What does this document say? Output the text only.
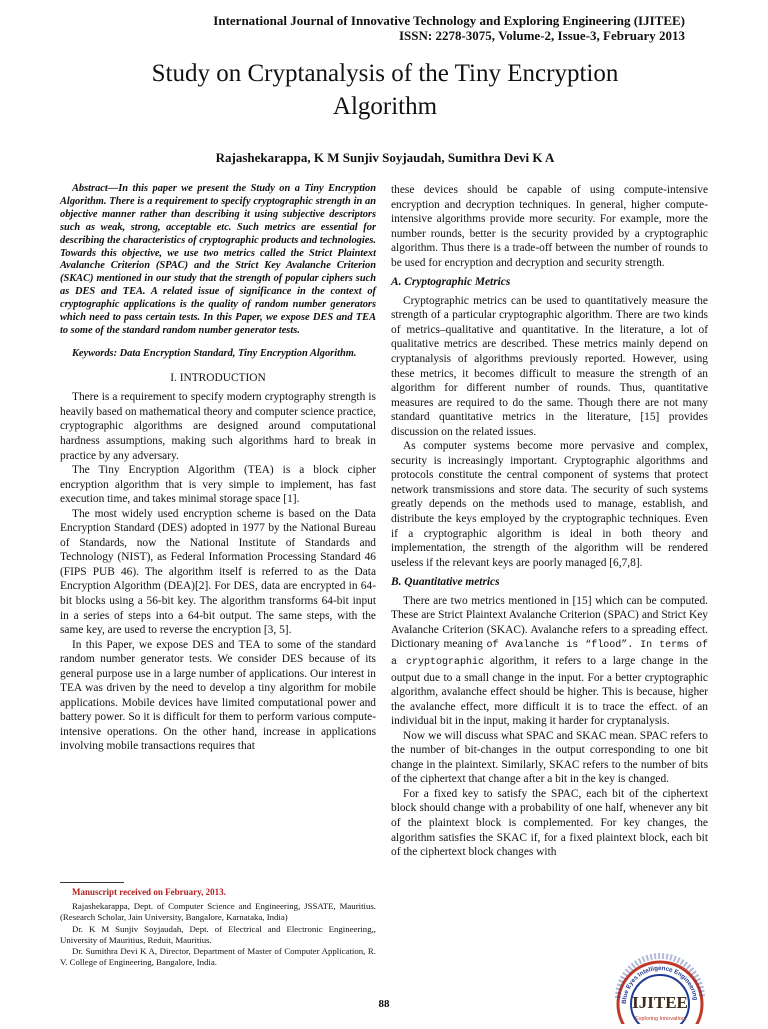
International Journal of Innovative Technology and Exploring Engineering (IJITEE)
ISSN: 2278-3075, Volume-2, Issue-3, February 2013
Study on Cryptanalysis of the Tiny Encryption
Algorithm
Rajashekarappa, K M Sunjiv Soyjaudah, Sumithra Devi K A

Abstract—In this paper we present the Study on a Tiny Encryption Algorithm. There is a requirement to specify cryptographic strength in an objective manner rather than describing it using subjective descriptors such as weak, strong, acceptable etc. Such metrics are essential for describing the characteristics of cryptographic products and technologies. Towards this objective, we use two metrics called the Strict Plaintext Avalanche Criterion (SPAC) and the Strict Key Avalanche Criterion (SKAC) mentioned in our study that the strength of popular ciphers such as DES and TEA. A related issue of significance in the context of cryptographic applications is the quality of random number generators which need to pass certain tests. In this Paper, we expose DES and TEA to some of the standard random number generator tests.

Keywords: Data Encryption Standard, Tiny Encryption Algorithm.

I. INTRODUCTION

There is a requirement to specify modern cryptography strength is heavily based on mathematical theory and computer science practice, cryptographic algorithms are designed around computational hardness assumptions, making such algorithms hard to break in practice by any adversary.

The Tiny Encryption Algorithm (TEA) is a block cipher encryption algorithm that is very simple to implement, has fast execution time, and takes minimal storage space [1].

The most widely used encryption scheme is based on the Data Encryption Standard (DES) adopted in 1977 by the National Bureau of Standards, now the National Institute of Standards and Technology (NIST), as Federal Information Processing Standard 46 (FIPS PUB 46). The algorithm itself is referred to as the Data Encryption Algorithm (DEA)[2]. For DES, data are encrypted in 64-bit blocks using a 56-bit key. The algorithm transforms 64-bit input in a series of steps into a 64-bit output. The same steps, with the same key, are used to reverse the encryption [3, 5].

In this Paper, we expose DES and TEA to some of the standard random number generator tests. We consider DES because of its general purpose use in a large number of applications. Our interest in TEA was driven by the need to develop a tiny algorithm for mobile applications. Mobile devices have limited computational power and battery power. So it is difficult for them to perform various compute-intensive operations. On the other hand, increase in applications involving mobile transactions requires that

Manuscript received on February, 2013.
Rajashekarappa, Dept. of Computer Science and Engineering, JSSATE, Mauritius. (Research Scholar, Jain University, Bangalore, Karnataka, India)
Dr. K M Sunjiv Soyjaudah, Dept. of Electrical and Electronic Engineering,, University of Mauritius, Reduit, Mauritius.
Dr. Sumithra Devi K A, Director, Department of Master of Computer Application, R. V. College of Engineering, Bangalore, India.

these devices should be capable of using compute-intensive encryption and decryption techniques. In general, higher compute-intensive algorithms provide more security. For example, more the number rounds, better is the security provided by a cryptographic algorithm. Thus there is a trade-off between the number of rounds to be used for encryption and decryption and security strength.

A. Cryptographic Metrics

Cryptographic metrics can be used to quantitatively measure the strength of a particular cryptographic algorithm. There are two kinds of metrics–qualitative and quantitative. In the literature, a lot of qualitative metrics are described. These metrics mainly depend on cryptanalysis of algorithms previously reported. However, using these metrics, it becomes difficult to measure the strength of an algorithm for different number of rounds. Thus, quantitative measures are required to do the same. Though there are not many standard quantitative metrics in the literature, [15] provides discussion on the related issues.

As computer systems become more pervasive and complex, security is increasingly important. Cryptographic algorithms and protocols constitute the central component of systems that protect network transmissions and store data. The security of such systems greatly depends on the methods used to manage, establish, and distribute the keys employed by the cryptographic techniques. Even if a cryptographic algorithm is ideal in both theory and implementation, the strength of the algorithm will be rendered useless if the relevant keys are poorly managed [6,7,8].

B. Quantitative metrics

There are two metrics mentioned in [15] which can be computed. These are Strict Plaintext Avalanche Criterion (SPAC) and Strict Key Avalanche Criterion (SKAC). Avalanche refers to a spreading effect. Dictionary meaning of Avalanche is “flood”. In terms of a cryptographic algorithm, it refers to a large change in the output due to a small change in the input. For a better cryptographic algorithm, avalanche effect should be higher. This is because, higher the avalanche effect, more difficult it is to trace the effect. of an individual bit in the input, making it harder for cryptanalysis.

Now we will discuss what SPAC and SKAC mean. SPAC refers to the number of bit-changes in the output corresponding to one bit change in the plaintext. Similarly, SKAC refers to the number of bits of the ciphertext that change after a bit in the key is changed.

For a fixed key to satisfy the SPAC, each bit of the ciphertext block should change with a probability of one half, whenever any bit of the plaintext block is complemented. For key changes, the algorithm satisfies the SKAC if, for a fixed plaintext block, each bit of the ciphertext block changes with

88	Blue Eyes Intelligence Engineering
IJITEE
Exploring Innovation
